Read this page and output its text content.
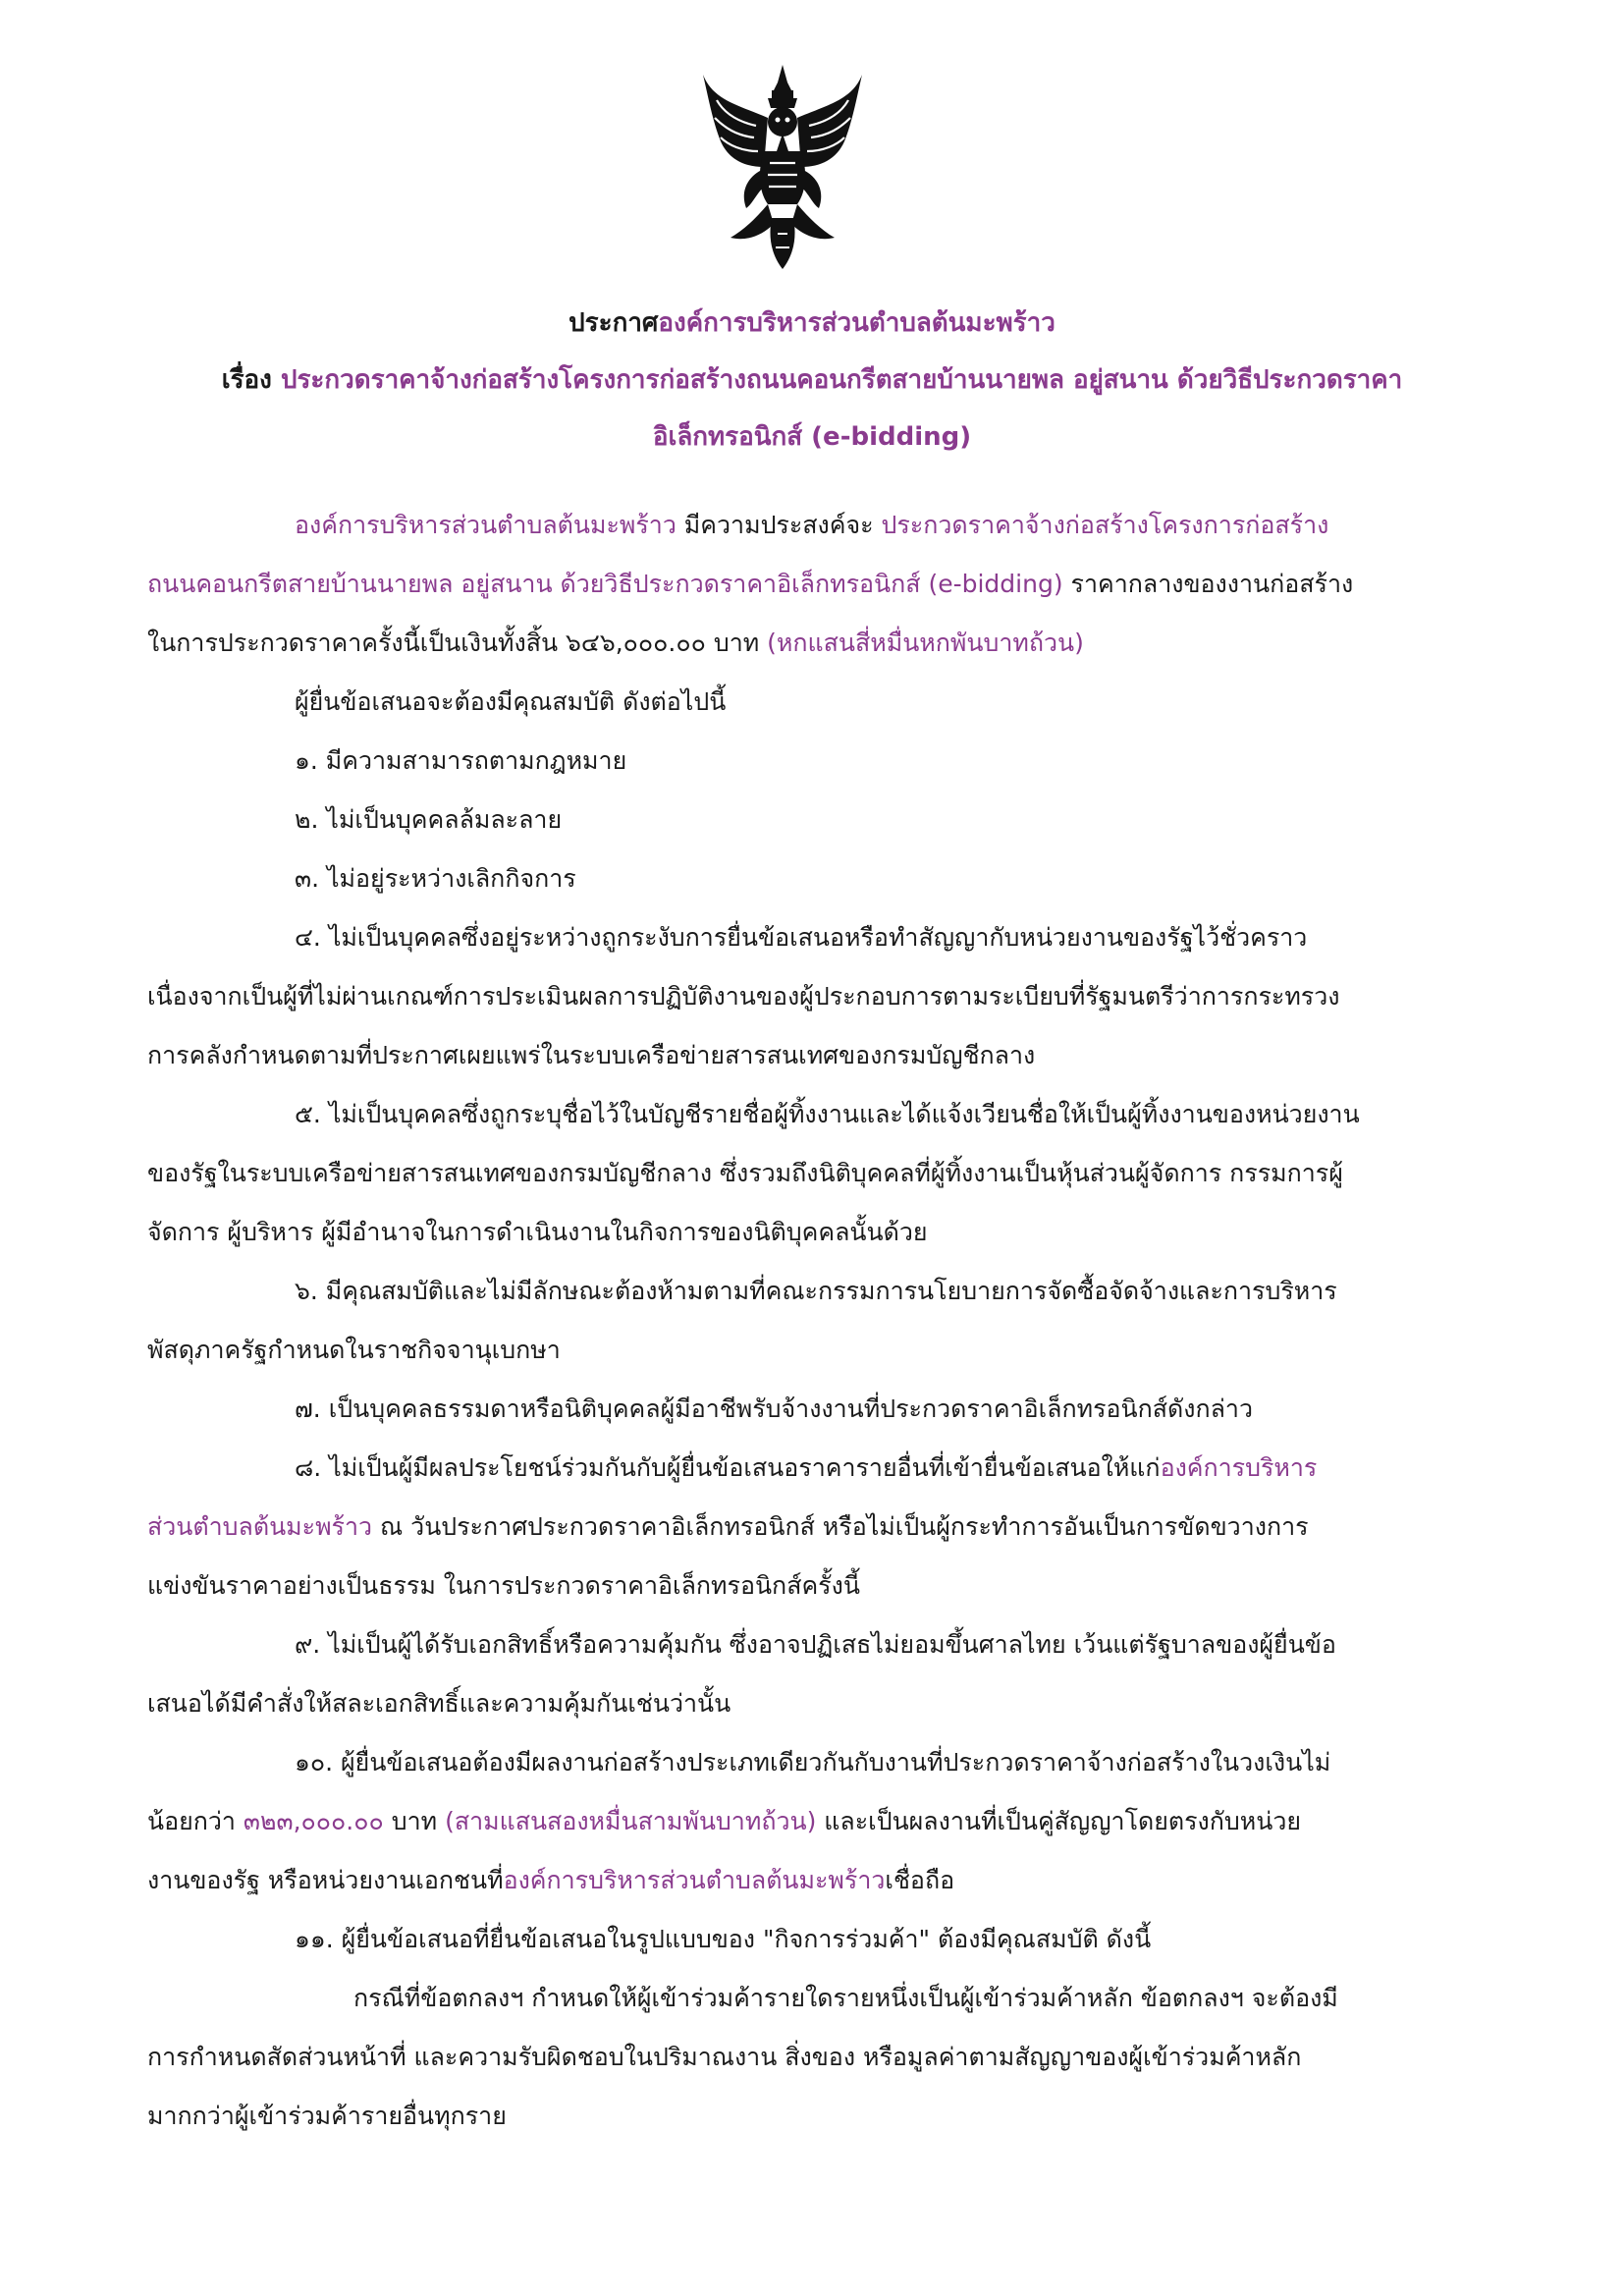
ประกาศองค์การบริหารส่วนตำบลต้นมะพร้าว
เรื่อง ประกวดราคาจ้างก่อสร้างโครงการก่อสร้างถนนคอนกรีตสายบ้านนายพล อยู่สนาน ด้วยวิธีประกวดราคา
อิเล็กทรอนิกส์ (e-bidding)

องค์การบริหารส่วนตำบลต้นมะพร้าว มีความประสงค์จะ ประกวดราคาจ้างก่อสร้างโครงการก่อสร้าง
ถนนคอนกรีตสายบ้านนายพล อยู่สนาน ด้วยวิธีประกวดราคาอิเล็กทรอนิกส์ (e-bidding) ราคากลางของงานก่อสร้าง
ในการประกวดราคาครั้งนี้เป็นเงินทั้งสิ้น ๖๔๖,๐๐๐.๐๐ บาท (หกแสนสี่หมื่นหกพันบาทถ้วน)

ผู้ยื่นข้อเสนอจะต้องมีคุณสมบัติ ดังต่อไปนี้

๑. มีความสามารถตามกฎหมาย

๒. ไม่เป็นบุคคลล้มละลาย

๓. ไม่อยู่ระหว่างเลิกกิจการ

๔. ไม่เป็นบุคคลซึ่งอยู่ระหว่างถูกระงับการยื่นข้อเสนอหรือทำสัญญากับหน่วยงานของรัฐไว้ชั่วคราว
เนื่องจากเป็นผู้ที่ไม่ผ่านเกณฑ์การประเมินผลการปฏิบัติงานของผู้ประกอบการตามระเบียบที่รัฐมนตรีว่าการกระทรวง
การคลังกำหนดตามที่ประกาศเผยแพร่ในระบบเครือข่ายสารสนเทศของกรมบัญชีกลาง

๕. ไม่เป็นบุคคลซึ่งถูกระบุชื่อไว้ในบัญชีรายชื่อผู้ทิ้งงานและได้แจ้งเวียนชื่อให้เป็นผู้ทิ้งงานของหน่วยงาน
ของรัฐในระบบเครือข่ายสารสนเทศของกรมบัญชีกลาง ซึ่งรวมถึงนิติบุคคลที่ผู้ทิ้งงานเป็นหุ้นส่วนผู้จัดการ กรรมการผู้
จัดการ ผู้บริหาร ผู้มีอำนาจในการดำเนินงานในกิจการของนิติบุคคลนั้นด้วย

๖. มีคุณสมบัติและไม่มีลักษณะต้องห้ามตามที่คณะกรรมการนโยบายการจัดซื้อจัดจ้างและการบริหาร
พัสดุภาครัฐกำหนดในราชกิจจานุเบกษา

๗. เป็นบุคคลธรรมดาหรือนิติบุคคลผู้มีอาชีพรับจ้างงานที่ประกวดราคาอิเล็กทรอนิกส์ดังกล่าว

๘. ไม่เป็นผู้มีผลประโยชน์ร่วมกันกับผู้ยื่นข้อเสนอราคารายอื่นที่เข้ายื่นข้อเสนอให้แก่องค์การบริหาร
ส่วนตำบลต้นมะพร้าว ณ วันประกาศประกวดราคาอิเล็กทรอนิกส์ หรือไม่เป็นผู้กระทำการอันเป็นการขัดขวางการ
แข่งขันราคาอย่างเป็นธรรม ในการประกวดราคาอิเล็กทรอนิกส์ครั้งนี้

๙. ไม่เป็นผู้ได้รับเอกสิทธิ์หรือความคุ้มกัน ซึ่งอาจปฏิเสธไม่ยอมขึ้นศาลไทย เว้นแต่รัฐบาลของผู้ยื่นข้อ
เสนอได้มีคำสั่งให้สละเอกสิทธิ์และความคุ้มกันเช่นว่านั้น

๑๐. ผู้ยื่นข้อเสนอต้องมีผลงานก่อสร้างประเภทเดียวกันกับงานที่ประกวดราคาจ้างก่อสร้างในวงเงินไม่
น้อยกว่า ๓๒๓,๐๐๐.๐๐ บาท (สามแสนสองหมื่นสามพันบาทถ้วน) และเป็นผลงานที่เป็นคู่สัญญาโดยตรงกับหน่วย
งานของรัฐ หรือหน่วยงานเอกชนที่องค์การบริหารส่วนตำบลต้นมะพร้าวเชื่อถือ

๑๑. ผู้ยื่นข้อเสนอที่ยื่นข้อเสนอในรูปแบบของ "กิจการร่วมค้า" ต้องมีคุณสมบัติ ดังนี้

กรณีที่ข้อตกลงฯ กำหนดให้ผู้เข้าร่วมค้ารายใดรายหนึ่งเป็นผู้เข้าร่วมค้าหลัก ข้อตกลงฯ จะต้องมี
การกำหนดสัดส่วนหน้าที่ และความรับผิดชอบในปริมาณงาน สิ่งของ หรือมูลค่าตามสัญญาของผู้เข้าร่วมค้าหลัก
มากกว่าผู้เข้าร่วมค้ารายอื่นทุกราย
